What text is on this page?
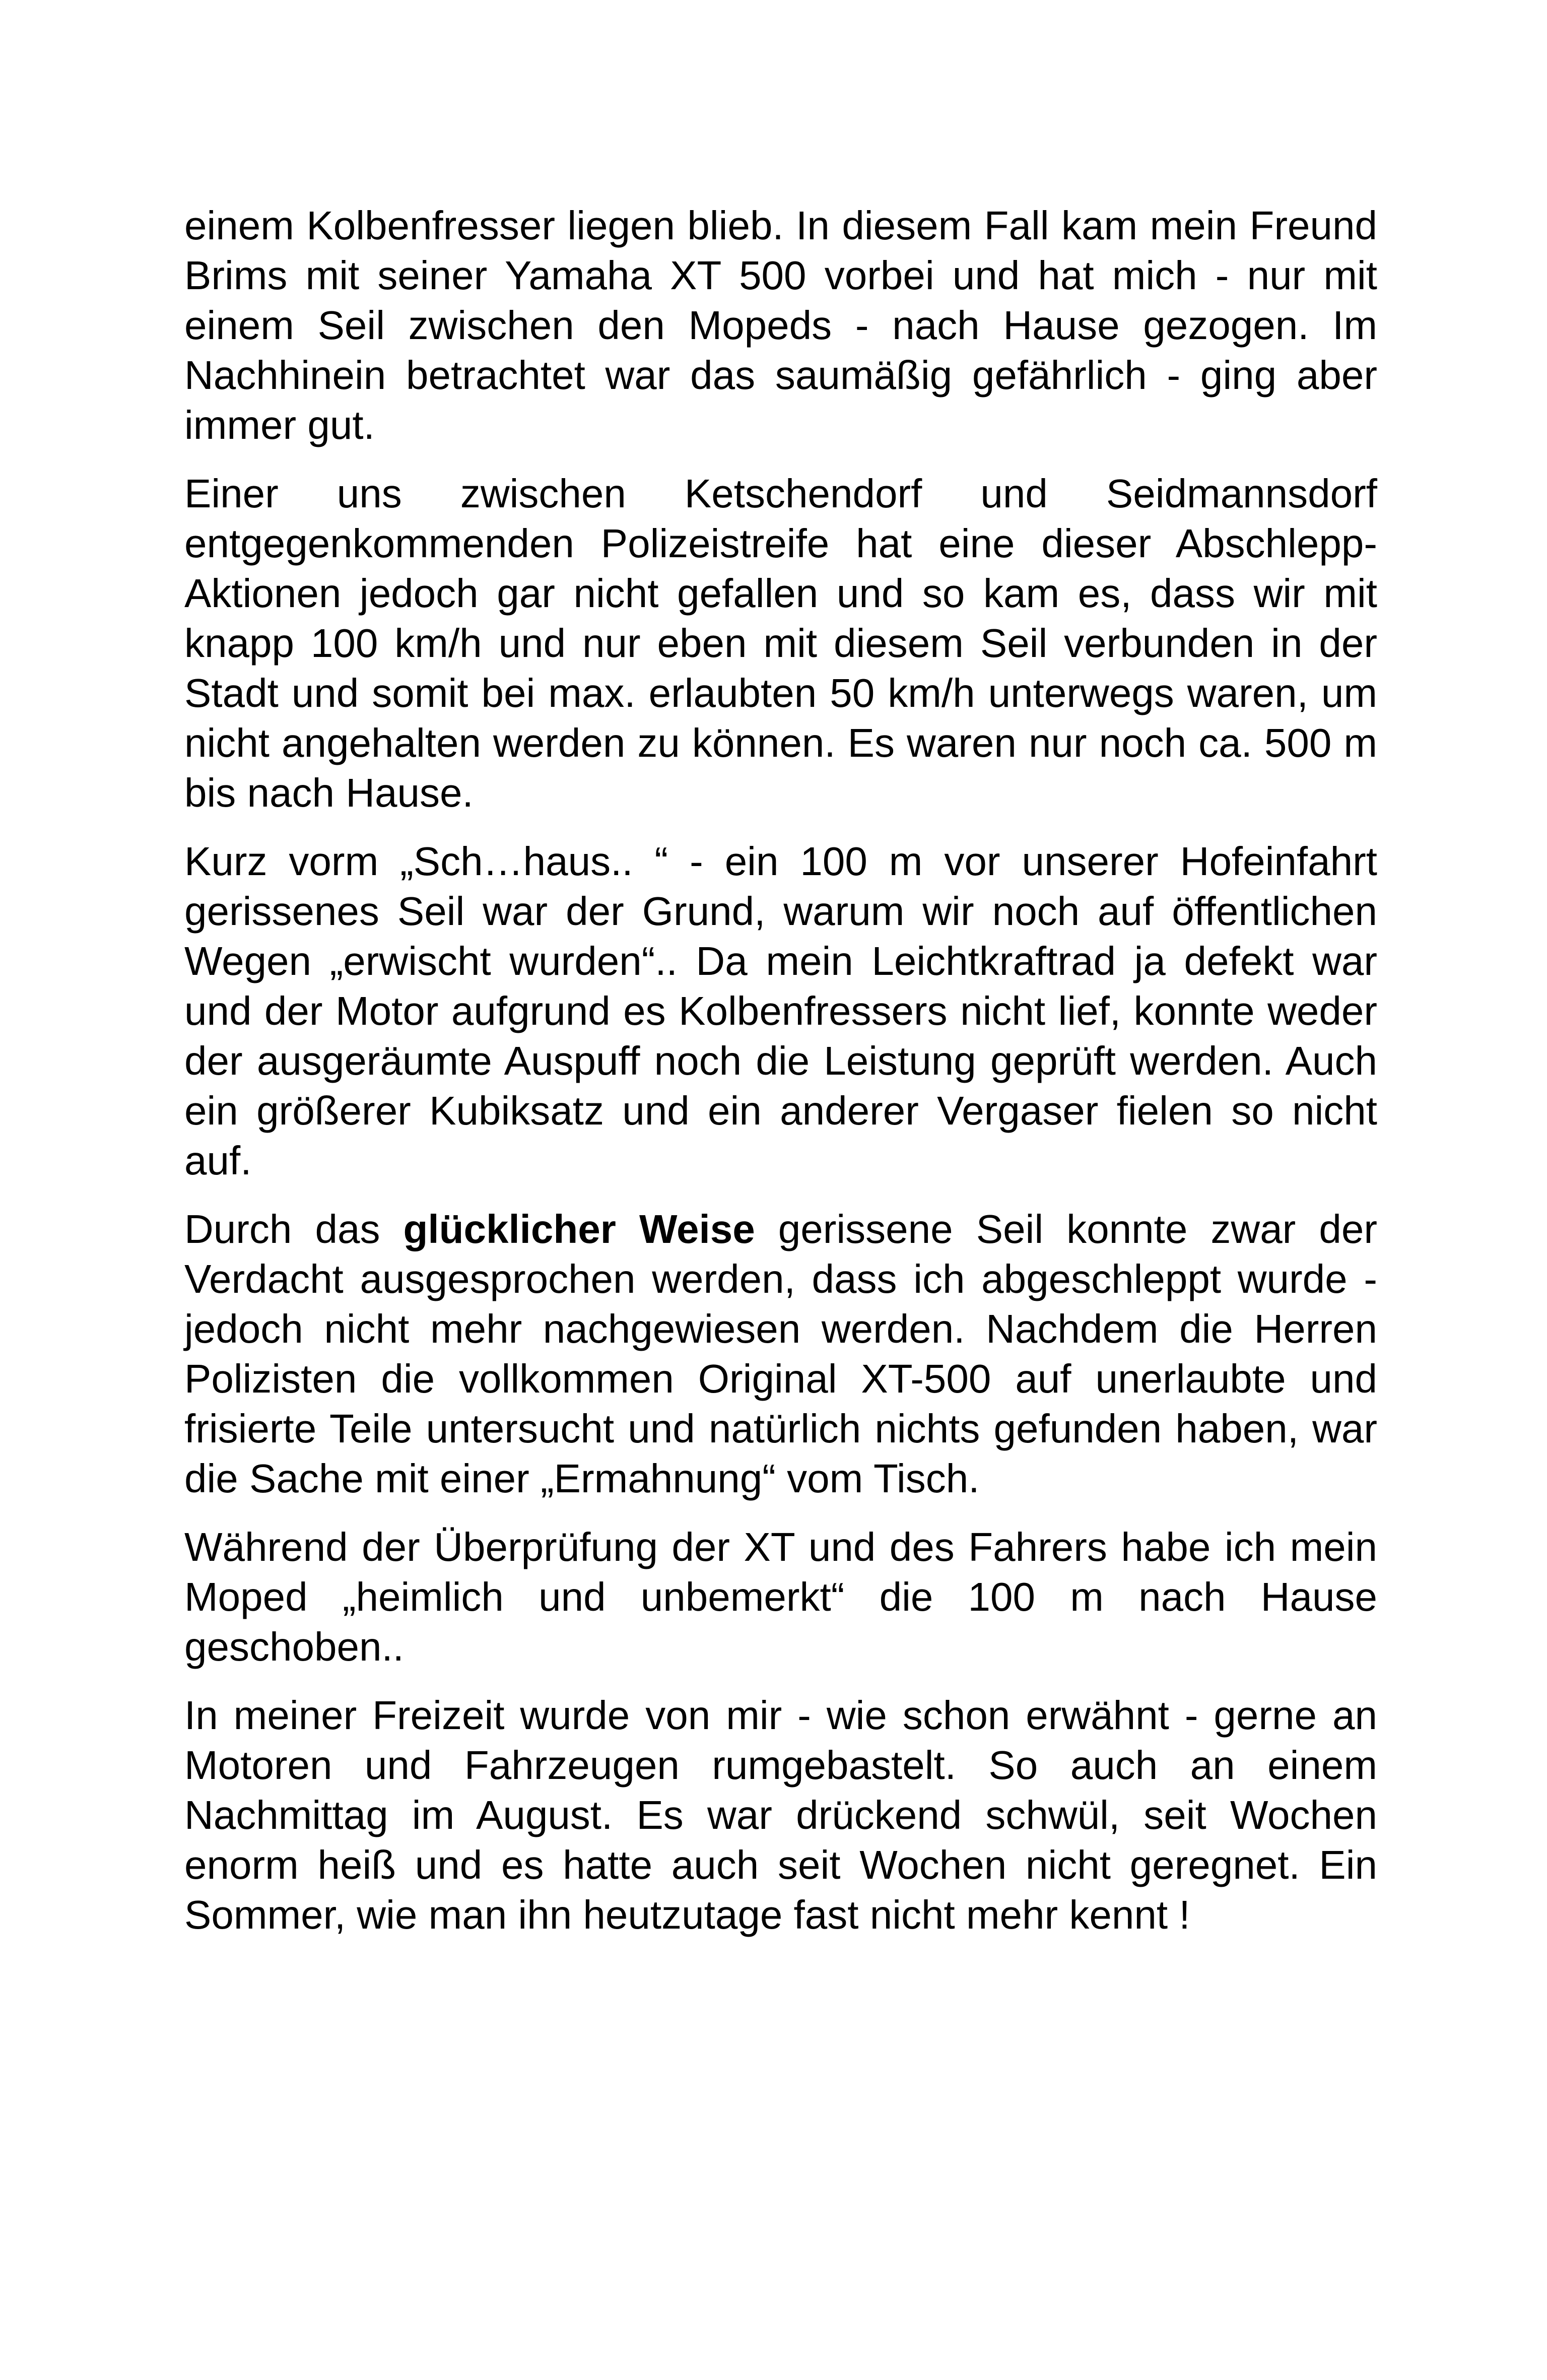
einem Kolbenfresser liegen blieb. In diesem Fall kam mein Freund Brims mit seiner Yamaha XT 500 vorbei und hat mich - nur mit einem Seil zwischen den Mopeds - nach Hause gezogen. Im Nachhinein betrachtet war das saumäßig gefährlich - ging aber immer gut.

Einer uns zwischen Ketschendorf und Seidmannsdorf entgegenkommenden Polizeistreife hat eine dieser Abschlepp-Aktionen jedoch gar nicht gefallen und so kam es, dass wir mit knapp 100 km/h und nur eben mit diesem Seil verbunden in der Stadt und somit bei max. erlaubten 50 km/h unterwegs waren, um nicht angehalten werden zu können. Es waren nur noch ca. 500 m bis nach Hause.

Kurz vorm „Sch…haus.. “ - ein 100 m vor unserer Hofeinfahrt gerissenes Seil war der Grund, warum wir noch auf öffentlichen Wegen „erwischt wurden“.. Da mein Leichtkraftrad ja defekt war und der Motor aufgrund es Kolbenfressers nicht lief, konnte weder der ausgeräumte Auspuff noch die Leistung geprüft werden. Auch ein größerer Kubiksatz und ein anderer Vergaser fielen so nicht auf.

Durch das glücklicher Weise gerissene Seil konnte zwar der Verdacht ausgesprochen werden, dass ich abgeschleppt wurde - jedoch nicht mehr nachgewiesen werden. Nachdem die Herren Polizisten die vollkommen Original XT-500 auf unerlaubte und frisierte Teile untersucht und natürlich nichts gefunden haben, war die Sache mit einer „Ermahnung“ vom Tisch.

Während der Überprüfung der XT und des Fahrers habe ich mein Moped „heimlich und unbemerkt“ die 100 m nach Hause geschoben..

In meiner Freizeit wurde von mir - wie schon erwähnt - gerne an Motoren und Fahrzeugen rumgebastelt. So auch an einem Nachmittag im August. Es war drückend schwül, seit Wochen enorm heiß und es hatte auch seit Wochen nicht geregnet. Ein Sommer, wie man ihn heutzutage fast nicht mehr kennt !
